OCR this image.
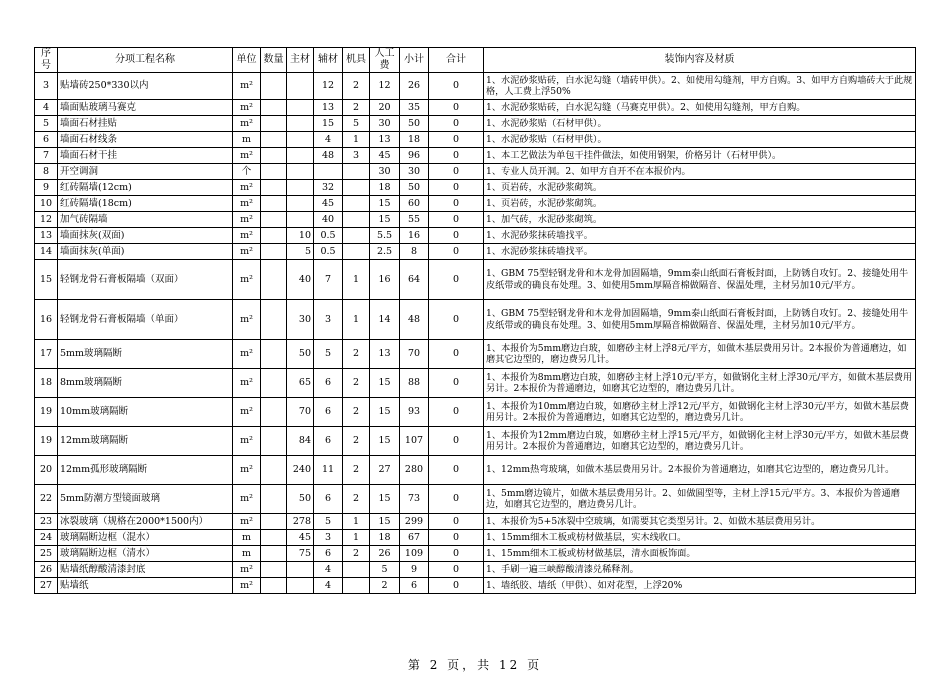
序号	分项工程名称	单位	数量	主材	辅材	机具	人工费	小计	合计	装饰内容及材质
3	贴墙砖250*330以内	m²			12	2	12	26	0	1、水泥砂浆贴砖，白水泥勾缝（墙砖甲供）。2、如使用勾缝剂，甲方自购。3、如甲方自购墙砖大于此规格，人工费上浮50%
4	墙面贴玻璃马赛克	m²			13	2	20	35	0	1、水泥砂浆贴砖，白水泥勾缝（马赛克甲供）。2、如使用勾缝剂，甲方自购。
5	墙面石材挂贴	m²			15	5	30	50	0	1、水泥砂浆贴（石材甲供）。
6	墙面石材线条	m			4	1	13	18	0	1、水泥砂浆贴（石材甲供）。
7	墙面石材干挂	m²			48	3	45	96	0	1、本工艺做法为单包干挂件做法，如使用钢架，价格另计（石材甲供）。
8	开空调洞	个					30	30	0	1、专业人员开洞。2、如甲方自开不在本报价内。
9	红砖隔墙(12cm)	m²			32		18	50	0	1、页岩砖，水泥砂浆砌筑。
10	红砖隔墙(18cm)	m²			45		15	60	0	1、页岩砖，水泥砂浆砌筑。
12	加气砖隔墙	m²			40		15	55	0	1、加气砖，水泥砂浆砌筑。
13	墙面抹灰(双面)	m²		10	0.5		5.5	16	0	1、水泥砂浆抹砖墙找平。
14	墙面抹灰(单面)	m²		5	0.5		2.5	8	0	1、水泥砂浆抹砖墙找平。
15	轻钢龙骨石膏板隔墙（双面）	m²		40	7	1	16	64	0	1、GBM 75型轻钢龙骨和木龙骨加固隔墙，9mm泰山纸面石膏板封面，上防锈自攻钉。2、接缝处用牛皮纸带或的确良布处理。3、如使用5mm厚隔音棉做隔音、保温处理，主材另加10元/平方。
16	轻钢龙骨石膏板隔墙（单面）	m²		30	3	1	14	48	0	1、GBM 75型轻钢龙骨和木龙骨加固隔墙，9mm泰山纸面石膏板封面，上防锈自攻钉。2、接缝处用牛皮纸带或的确良布处理。3、如使用5mm厚隔音棉做隔音、保温处理，主材另加10元/平方。
17	5mm玻璃隔断	m²		50	5	2	13	70	0	1、本报价为5mm磨边白玻，如磨砂主材上浮8元/平方，如做木基层费用另计。2本报价为普通磨边，如磨其它边型的，磨边费另几计。
18	8mm玻璃隔断	m²		65	6	2	15	88	0	1、本报价为8mm磨边白玻，如磨砂主材上浮10元/平方，如做钢化主材上浮30元/平方，如做木基层费用另计。2本报价为普通磨边，如磨其它边型的，磨边费另几计。
19	10mm玻璃隔断	m²		70	6	2	15	93	0	1、本报价为10mm磨边白玻，如磨砂主材上浮12元/平方，如做钢化主材上浮30元/平方，如做木基层费用另计。2本报价为普通磨边，如磨其它边型的，磨边费另几计。
19	12mm玻璃隔断	m²		84	6	2	15	107	0	1、本报价为12mm磨边白玻，如磨砂主材上浮15元/平方，如做钢化主材上浮30元/平方，如做木基层费用另计。2本报价为普通磨边，如磨其它边型的，磨边费另几计。
20	12mm孤形玻璃隔断	m²		240	11	2	27	280	0	1、12mm热弯玻璃，如做木基层费用另计。2本报价为普通磨边，如磨其它边型的，磨边费另几计。
22	5mm防潮方型镜面玻璃	m²		50	6	2	15	73	0	1、5mm磨边镜片，如做木基层费用另计。2、如做圆型等，主材上浮15元/平方。3、本报价为普通磨边，如磨其它边型的，磨边费另几计。
23	冰裂玻璃（规格在2000*1500内）	m²		278	5	1	15	299	0	1、本报价为5+5冰裂中空玻璃，如需要其它类型另计。2、如做木基层费用另计。
24	玻璃隔断边框（混水）	m		45	3	1	18	67	0	1、15mm细木工板或枋材做基层，实木线收口。
25	玻璃隔断边框（清水）	m		75	6	2	26	109	0	1、15mm细木工板或枋材做基层，清水面板饰面。
26	贴墙纸醇酸清漆封底	m²			4		5	9	0	1、手刷一遍三峡醇酸清漆兑稀释剂。
27	贴墙纸	m²			4		2	6	0	1、墙纸胶、墙纸（甲供）、如对花型，上浮20%
第 2 页，共 12 页
